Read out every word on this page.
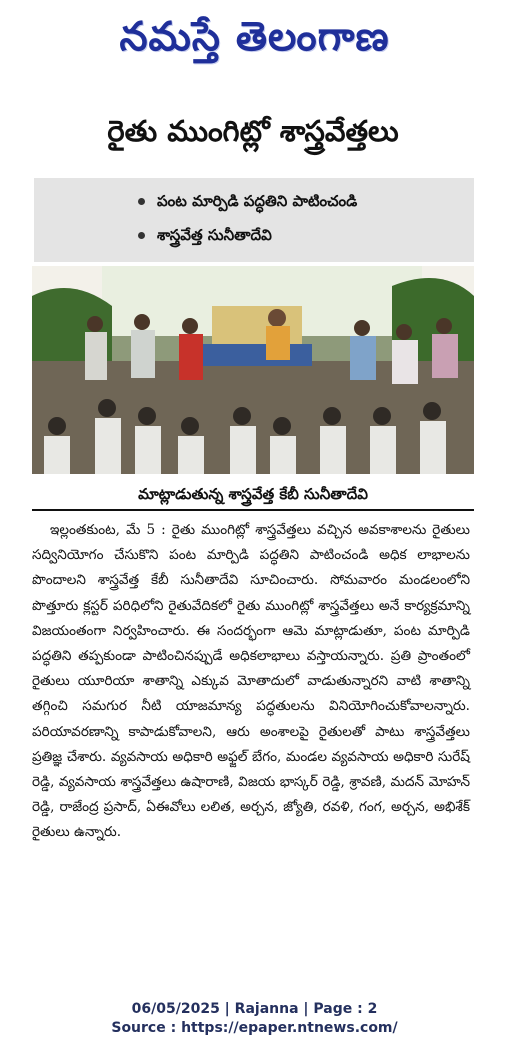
నమస్తే తెలంగాణ
రైతు ముంగిట్లో శాస్త్రవేత్తలు
పంట మార్పిడి పద్ధతిని పాటించండి
శాస్త్రవేత్త సునీతాదేవి
మాట్లాడుతున్న శాస్త్రవేత్త కేబీ సునీతాదేవి
ఇల్లంతకుంట, మే 5 : రైతు ముంగిట్లో శాస్త్రవేత్తలు వచ్చిన అవకాశాలను రైతులు సద్వినియోగం చేసుకొని పంట మార్పిడి పద్ధతిని పాటించండి అధిక లాభాలను పొందాలని శాస్త్రవేత్త కేబీ సునీతాదేవి సూచించారు. సోమవారం మండలంలోని పొత్తూరు క్లస్టర్ పరిధిలోని రైతువేదికలో రైతు ముంగిట్లో శాస్త్రవేత్తలు అనే కార్యక్రమాన్ని విజయంతంగా నిర్వహించారు. ఈ సందర్భంగా ఆమె మాట్లాడుతూ, పంట మార్పిడి పద్ధతిని తప్పకుండా పాటించినప్పుడే అధికలాభాలు వస్తాయన్నారు. ప్రతి ప్రాంతంలో రైతులు యూరియా శాతాన్ని ఎక్కువ మోతాదులో వాడుతున్నారని వాటి శాతాన్ని తగ్గించి సమగుర నీటి యాజమాన్య పద్ధతులను వినియోగించుకోవాలన్నారు. పరియావరణాన్ని కాపాడుకోవాలని, ఆరు అంశాలపై రైతులతో పాటు శాస్త్రవేత్తలు ప్రతిజ్ఞ చేశారు. వ్యవసాయ అధికారి అఫ్జల్ బేగం, మండల వ్యవసాయ అధికారి సురేష్ రెడ్డి, వ్యవసాయ శాస్త్రవేత్తలు ఉషారాణి, విజయ భాస్కర్ రెడ్డి, శ్రావణి, మదన్ మోహన్ రెడ్డి, రాజేంద్ర ప్రసాద్, ఏఈవోలు లలిత, అర్చన, జ్యోతి, రవళి, గంగ, అర్చన, అభిశేక్ రైతులు ఉన్నారు.
06/05/2025 | Rajanna | Page : 2
Source : https://epaper.ntnews.com/
